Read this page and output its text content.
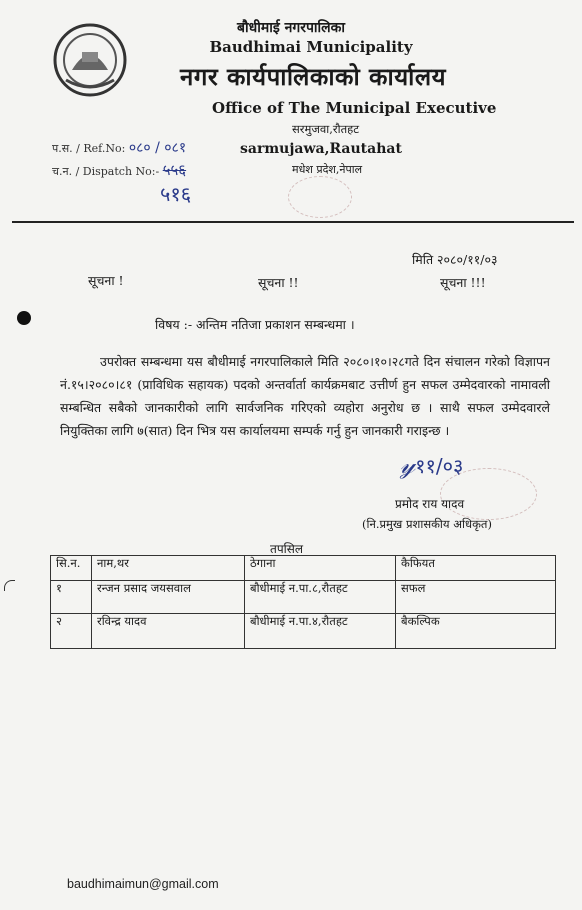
बौधीमाई नगरपालिका
Baudhimai Municipality
नगर कार्यपालिकाको कार्यालय
Office of The Municipal Executive
सरमुजवा,रौतहट
sarmujawa,Rautahat
मधेश प्रदेश,नेपाल
प.स. / Ref.No: ०८० / ०८१
च.न. / Dispatch No:- ५५६
५१६
मिति २०८०/११/०३
सूचना !	सूचना !!	सूचना !!!
विषय :- अन्तिम नतिजा प्रकाशन सम्बन्धमा ।
उपरोक्त सम्बन्धमा यस बौधीमाई नगरपालिकाले मिति २०८०।१०।२८गते दिन संचालन गरेको विज्ञापन नं.१५।२०८०।८१ (प्राविधिक सहायक) पदको अन्तर्वार्ता कार्यक्रमबाट उत्तीर्ण हुन सफल उम्मेदवारको नामावली सम्बन्धित सबैको जानकारीको लागि सार्वजनिक गरिएको व्यहोरा अनुरोध छ । साथै सफल उम्मेदवारले नियुक्तिका लागि ७(सात) दिन भित्र यस कार्यालयमा सम्पर्क गर्नु हुन जानकारी गराइन्छ ।
𝓎११/०३
प्रमोद राय यादव
(नि.प्रमुख प्रशासकीय अधिकृत)
तपसिल
सि.न.	नाम,थर	ठेगाना	कैफियत
१	रन्जन प्रसाद जयसवाल	बौधीमाई न.पा.८,रौतहट	सफल
२	रविन्द्र यादव	बौधीमाई न.पा.४,रौतहट	बैकल्पिक
baudhimaimun@gmail.com
